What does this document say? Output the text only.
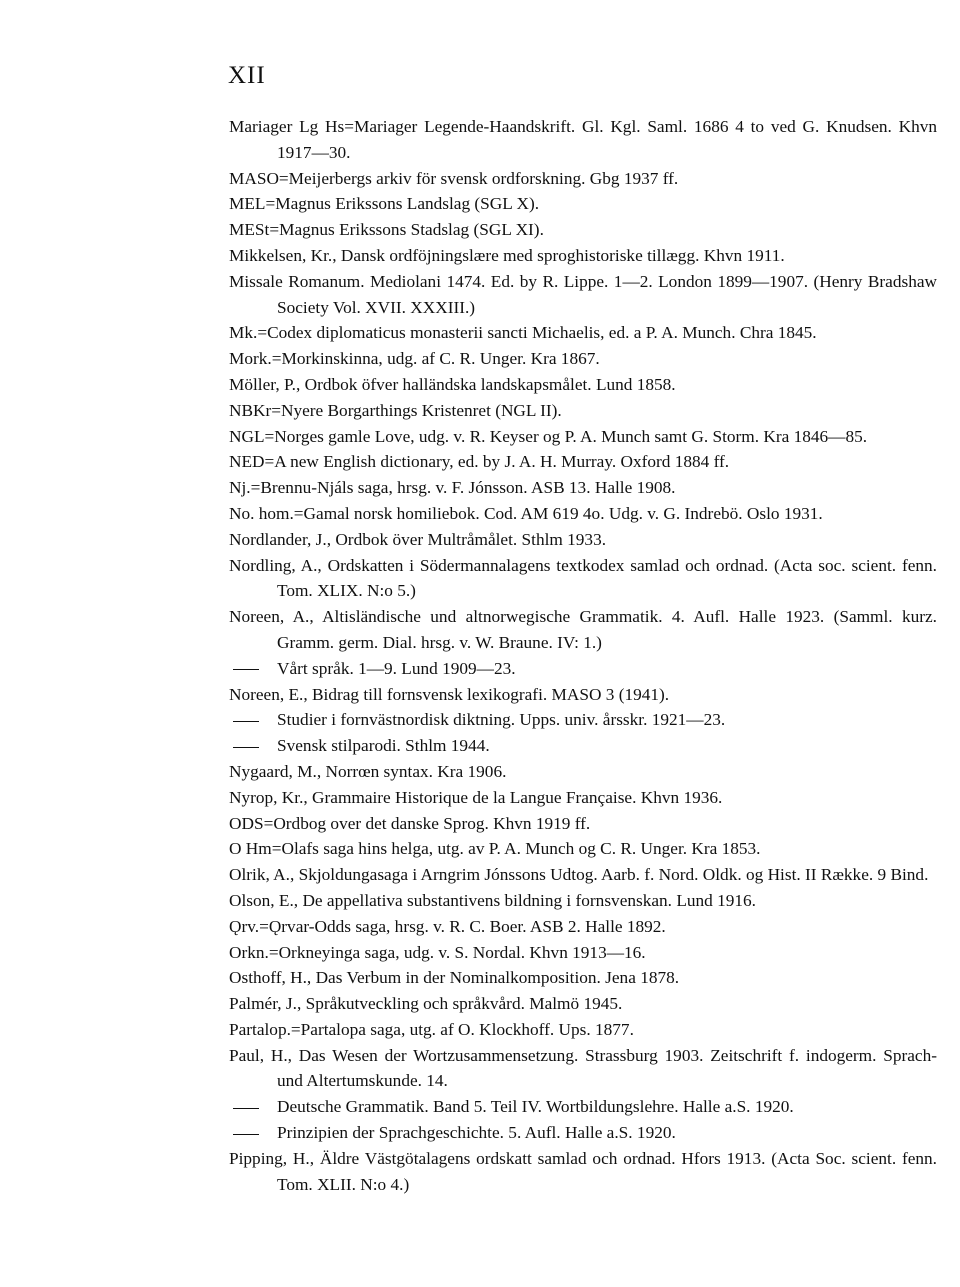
XII
Mariager Lg Hs=Mariager Legende-Haandskrift. Gl. Kgl. Saml. 1686 4 to ved G. Knudsen. Khvn 1917—30.
MASO=Meijerbergs arkiv för svensk ordforskning. Gbg 1937 ff.
MEL=Magnus Erikssons Landslag (SGL X).
MESt=Magnus Erikssons Stadslag (SGL XI).
Mikkelsen, Kr., Dansk ordföjningslære med sproghistoriske tillægg. Khvn 1911.
Missale Romanum. Mediolani 1474. Ed. by R. Lippe. 1—2. London 1899—1907. (Henry Bradshaw Society Vol. XVII. XXXIII.)
Mk.=Codex diplomaticus monasterii sancti Michaelis, ed. a P. A. Munch. Chra 1845.
Mork.=Morkinskinna, udg. af C. R. Unger. Kra 1867.
Möller, P., Ordbok öfver halländska landskapsmålet. Lund 1858.
NBKr=Nyere Borgarthings Kristenret (NGL II).
NGL=Norges gamle Love, udg. v. R. Keyser og P. A. Munch samt G. Storm. Kra 1846—85.
NED=A new English dictionary, ed. by J. A. H. Murray. Oxford 1884 ff.
Nj.=Brennu-Njáls saga, hrsg. v. F. Jónsson. ASB 13. Halle 1908.
No. hom.=Gamal norsk homiliebok. Cod. AM 619 4o. Udg. v. G. Indrebö. Oslo 1931.
Nordlander, J., Ordbok över Multråmålet. Sthlm 1933.
Nordling, A., Ordskatten i Södermannalagens textkodex samlad och ordnad. (Acta soc. scient. fenn. Tom. XLIX. N:o 5.)
Noreen, A., Altisländische und altnorwegische Grammatik. 4. Aufl. Halle 1923. (Samml. kurz. Gramm. germ. Dial. hrsg. v. W. Braune. IV: 1.)
Vårt språk. 1—9. Lund 1909—23.
Noreen, E., Bidrag till fornsvensk lexikografi. MASO 3 (1941).
Studier i fornvästnordisk diktning. Upps. univ. årsskr. 1921—23.
Svensk stilparodi. Sthlm 1944.
Nygaard, M., Norrœn syntax. Kra 1906.
Nyrop, Kr., Grammaire Historique de la Langue Française. Khvn 1936.
ODS=Ordbog over det danske Sprog. Khvn 1919 ff.
O Hm=Olafs saga hins helga, utg. av P. A. Munch og C. R. Unger. Kra 1853.
Olrik, A., Skjoldungasaga i Arngrim Jónssons Udtog. Aarb. f. Nord. Oldk. og Hist. II Række. 9 Bind.
Olson, E., De appellativa substantivens bildning i fornsvenskan. Lund 1916.
Ǫrv.=Ǫrvar-Odds saga, hrsg. v. R. C. Boer. ASB 2. Halle 1892.
Orkn.=Orkneyinga saga, udg. v. S. Nordal. Khvn 1913—16.
Osthoff, H., Das Verbum in der Nominalkomposition. Jena 1878.
Palmér, J., Språkutveckling och språkvård. Malmö 1945.
Partalop.=Partalopa saga, utg. af O. Klockhoff. Ups. 1877.
Paul, H., Das Wesen der Wortzusammensetzung. Strassburg 1903. Zeitschrift f. indogerm. Sprach- und Altertumskunde. 14.
Deutsche Grammatik. Band 5. Teil IV. Wortbildungslehre. Halle a.S. 1920.
Prinzipien der Sprachgeschichte. 5. Aufl. Halle a.S. 1920.
Pipping, H., Äldre Västgötalagens ordskatt samlad och ordnad. Hfors 1913. (Acta Soc. scient. fenn. Tom. XLII. N:o 4.)
